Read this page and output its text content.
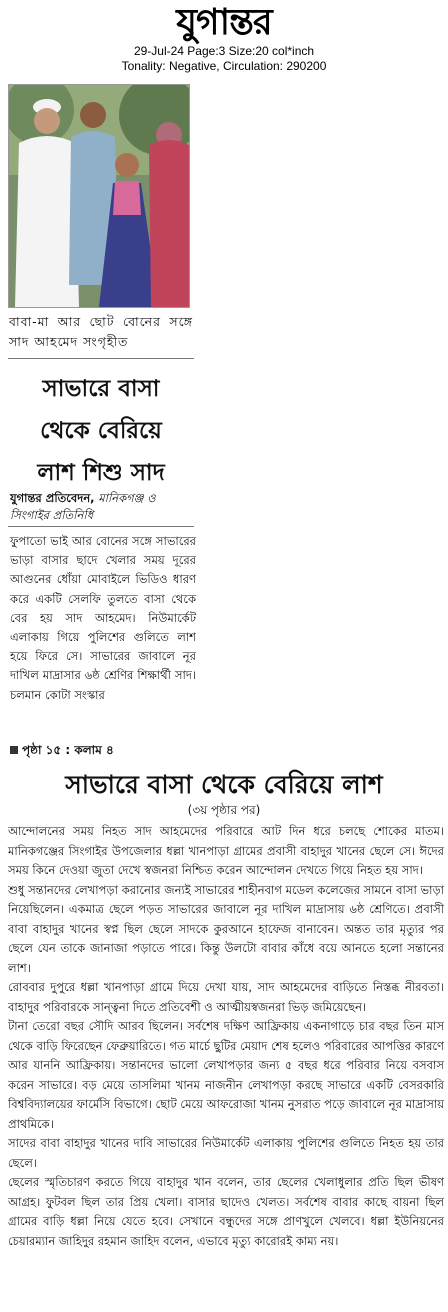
যুগান্তর
29-Jul-24 Page:3 Size:20 col*inch
Tonality: Negative, Circulation: 290200
বাবা-মা আর ছোট বোনের সঙ্গে সাদ আহমেদ সংগৃহীত
সাভারে বাসা
থেকে বেরিয়ে
লাশ শিশু সাদ
যুগান্তর প্রতিবেদন, মানিকগঞ্জ ও সিংগাইর প্রতিনিধি
ফুপাতো ভাই আর বোনের সঙ্গে সাভারের ভাড়া বাসার ছাদে খেলার সময় দূরের আগুনের ধোঁয়া মোবাইলে ভিডিও ধারণ করে একটি সেলফি তুলতে বাসা থেকে বের হয় সাদ আহমেদ। নিউমার্কেট এলাকায় গিয়ে পুলিশের গুলিতে লাশ হয়ে ফিরে সে। সাভারের জাবালে নূর দাখিল মাদ্রাসার ৬ষ্ঠ শ্রেণির শিক্ষার্থী সাদ। চলমান কোটা সংস্কার
পৃষ্ঠা ১৫ : কলাম ৪
সাভারে বাসা থেকে বেরিয়ে লাশ
(৩য় পৃষ্ঠার পর)

আন্দোলনের সময় নিহত সাদ আহমেদের পরিবারে আট দিন ধরে চলছে শোকের মাতম। মানিকগঞ্জের সিংগাইর উপজেলার ধল্লা খানপাড়া গ্রামের প্রবাসী বাহাদুর খানের ছেলে সে। ঈদের সময় কিনে দেওয়া জুতা দেখে স্বজনরা নিশ্চিত করেন আন্দোলন দেখতে গিয়ে নিহত হয় সাদ।

শুধু সন্তানদের লেখাপড়া করানোর জন্যই সাভারের শাহীনবাগ মডেল কলেজের সামনে বাসা ভাড়া নিয়েছিলেন। একমাত্র ছেলে পড়ত সাভারের জাবালে নূর দাখিল মাদ্রাসায় ৬ষ্ঠ শ্রেণিতে। প্রবাসী বাবা বাহাদুর খানের স্বপ্ন ছিল ছেলে সাদকে কুরআনে হাফেজ বানাবেন। অন্তত তার মৃত্যুর পর ছেলে যেন তাকে জানাজা পড়াতে পারে। কিন্তু উলটো বাবার কাঁধে বয়ে আনতে হলো সন্তানের লাশ।

রোববার দুপুরে ধল্লা খানপাড়া গ্রামে দিয়ে দেখা যায়, সাদ আহমেদের বাড়িতে নিস্তব্ধ নীরবতা। বাহাদুর পরিবারকে সান্ত্বনা দিতে প্রতিবেশী ও আত্মীয়স্বজনরা ভিড় জমিয়েছেন।

টানা তেরো বছর সৌদি আরব ছিলেন। সর্বশেষ দক্ষিণ আফ্রিকায় একনাগাড়ে চার বছর তিন মাস থেকে বাড়ি ফিরেছেন ফেব্রুয়ারিতে। গত মার্চে ছুটির মেয়াদ শেষ হলেও পরিবারের আপত্তির কারণে আর যাননি আফ্রিকায়। সন্তানদের ভালো লেখাপড়ার জন্য ৫ বছর ধরে পরিবার নিয়ে বসবাস করেন সাভারে। বড় মেয়ে তাসলিমা খানম নাজনীন লেখাপড়া করছে সাভারে একটি বেসরকারি বিশ্ববিদ্যালয়ের ফার্মেসি বিভাগে। ছোট মেয়ে আফরোজা খানম নুসরাত পড়ে জাবালে নূর মাদ্রাসায় প্রাথমিকে।

সাদের বাবা বাহাদুর খানের দাবি সাভারের নিউমার্কেট এলাকায় পুলিশের গুলিতে নিহত হয় তার ছেলে।

ছেলের স্মৃতিচারণ করতে গিয়ে বাহাদুর খান বলেন, তার ছেলের খেলাধুলার প্রতি ছিল ভীষণ আগ্রহ। ফুটবল ছিল তার প্রিয় খেলা। বাসার ছাদেও খেলত। সর্বশেষ বাবার কাছে বায়না ছিল গ্রামের বাড়ি ধল্লা নিয়ে যেতে হবে। সেখানে বন্ধুদের সঙ্গে প্রাণখুলে খেলবে। ধল্লা ইউনিয়নের চেয়ারম্যান জাহিদুর রহমান জাহিদ বলেন, এভাবে মৃত্যু কারোরই কাম্য নয়।
